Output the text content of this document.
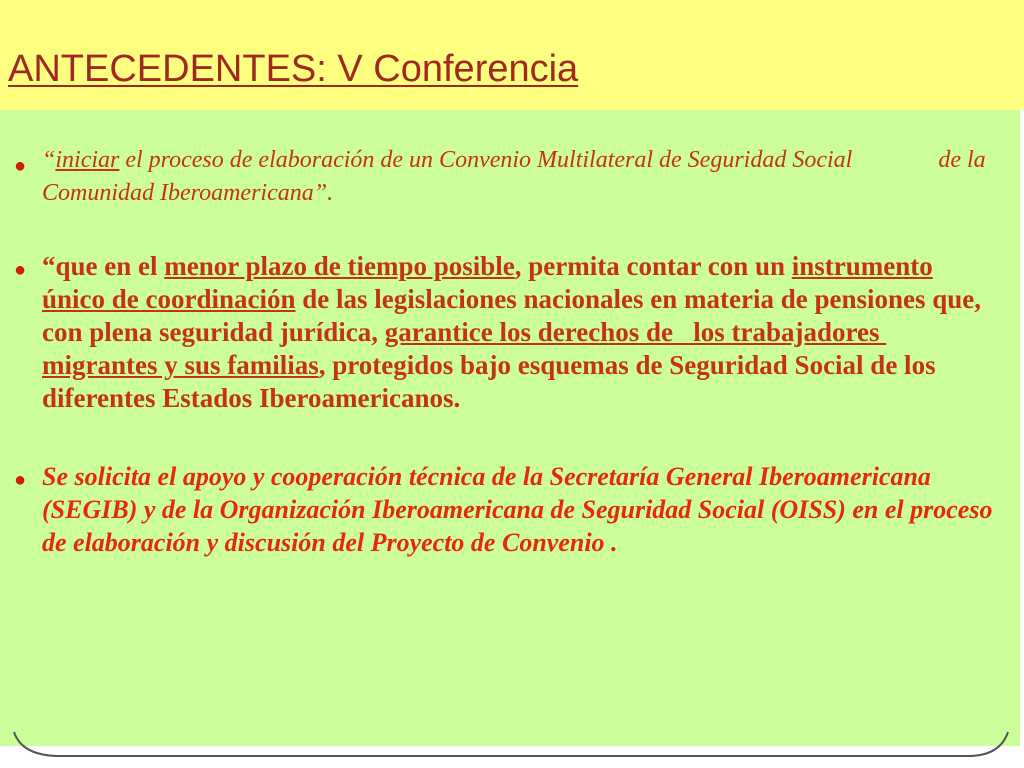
ANTECEDENTES: V Conferencia
● “iniciar el proceso de elaboración de un Convenio Multilateral de Seguridad Social	de la Comunidad Iberoamericana”.
● “que en el menor plazo de tiempo posible, permita contar con un instrumento único de coordinación de las legislaciones nacionales en materia de pensiones que, con plena seguridad jurídica, garantice los derechos de   los trabajadores migrantes y sus familias, protegidos bajo esquemas de Seguridad Social de los diferentes Estados Iberoamericanos.
● Se solicita el apoyo y cooperación técnica de la Secretaría General Iberoamericana (SEGIB) y de la Organización Iberoamericana de Seguridad Social (OISS) en el proceso de elaboración y discusión del Proyecto de Convenio .
